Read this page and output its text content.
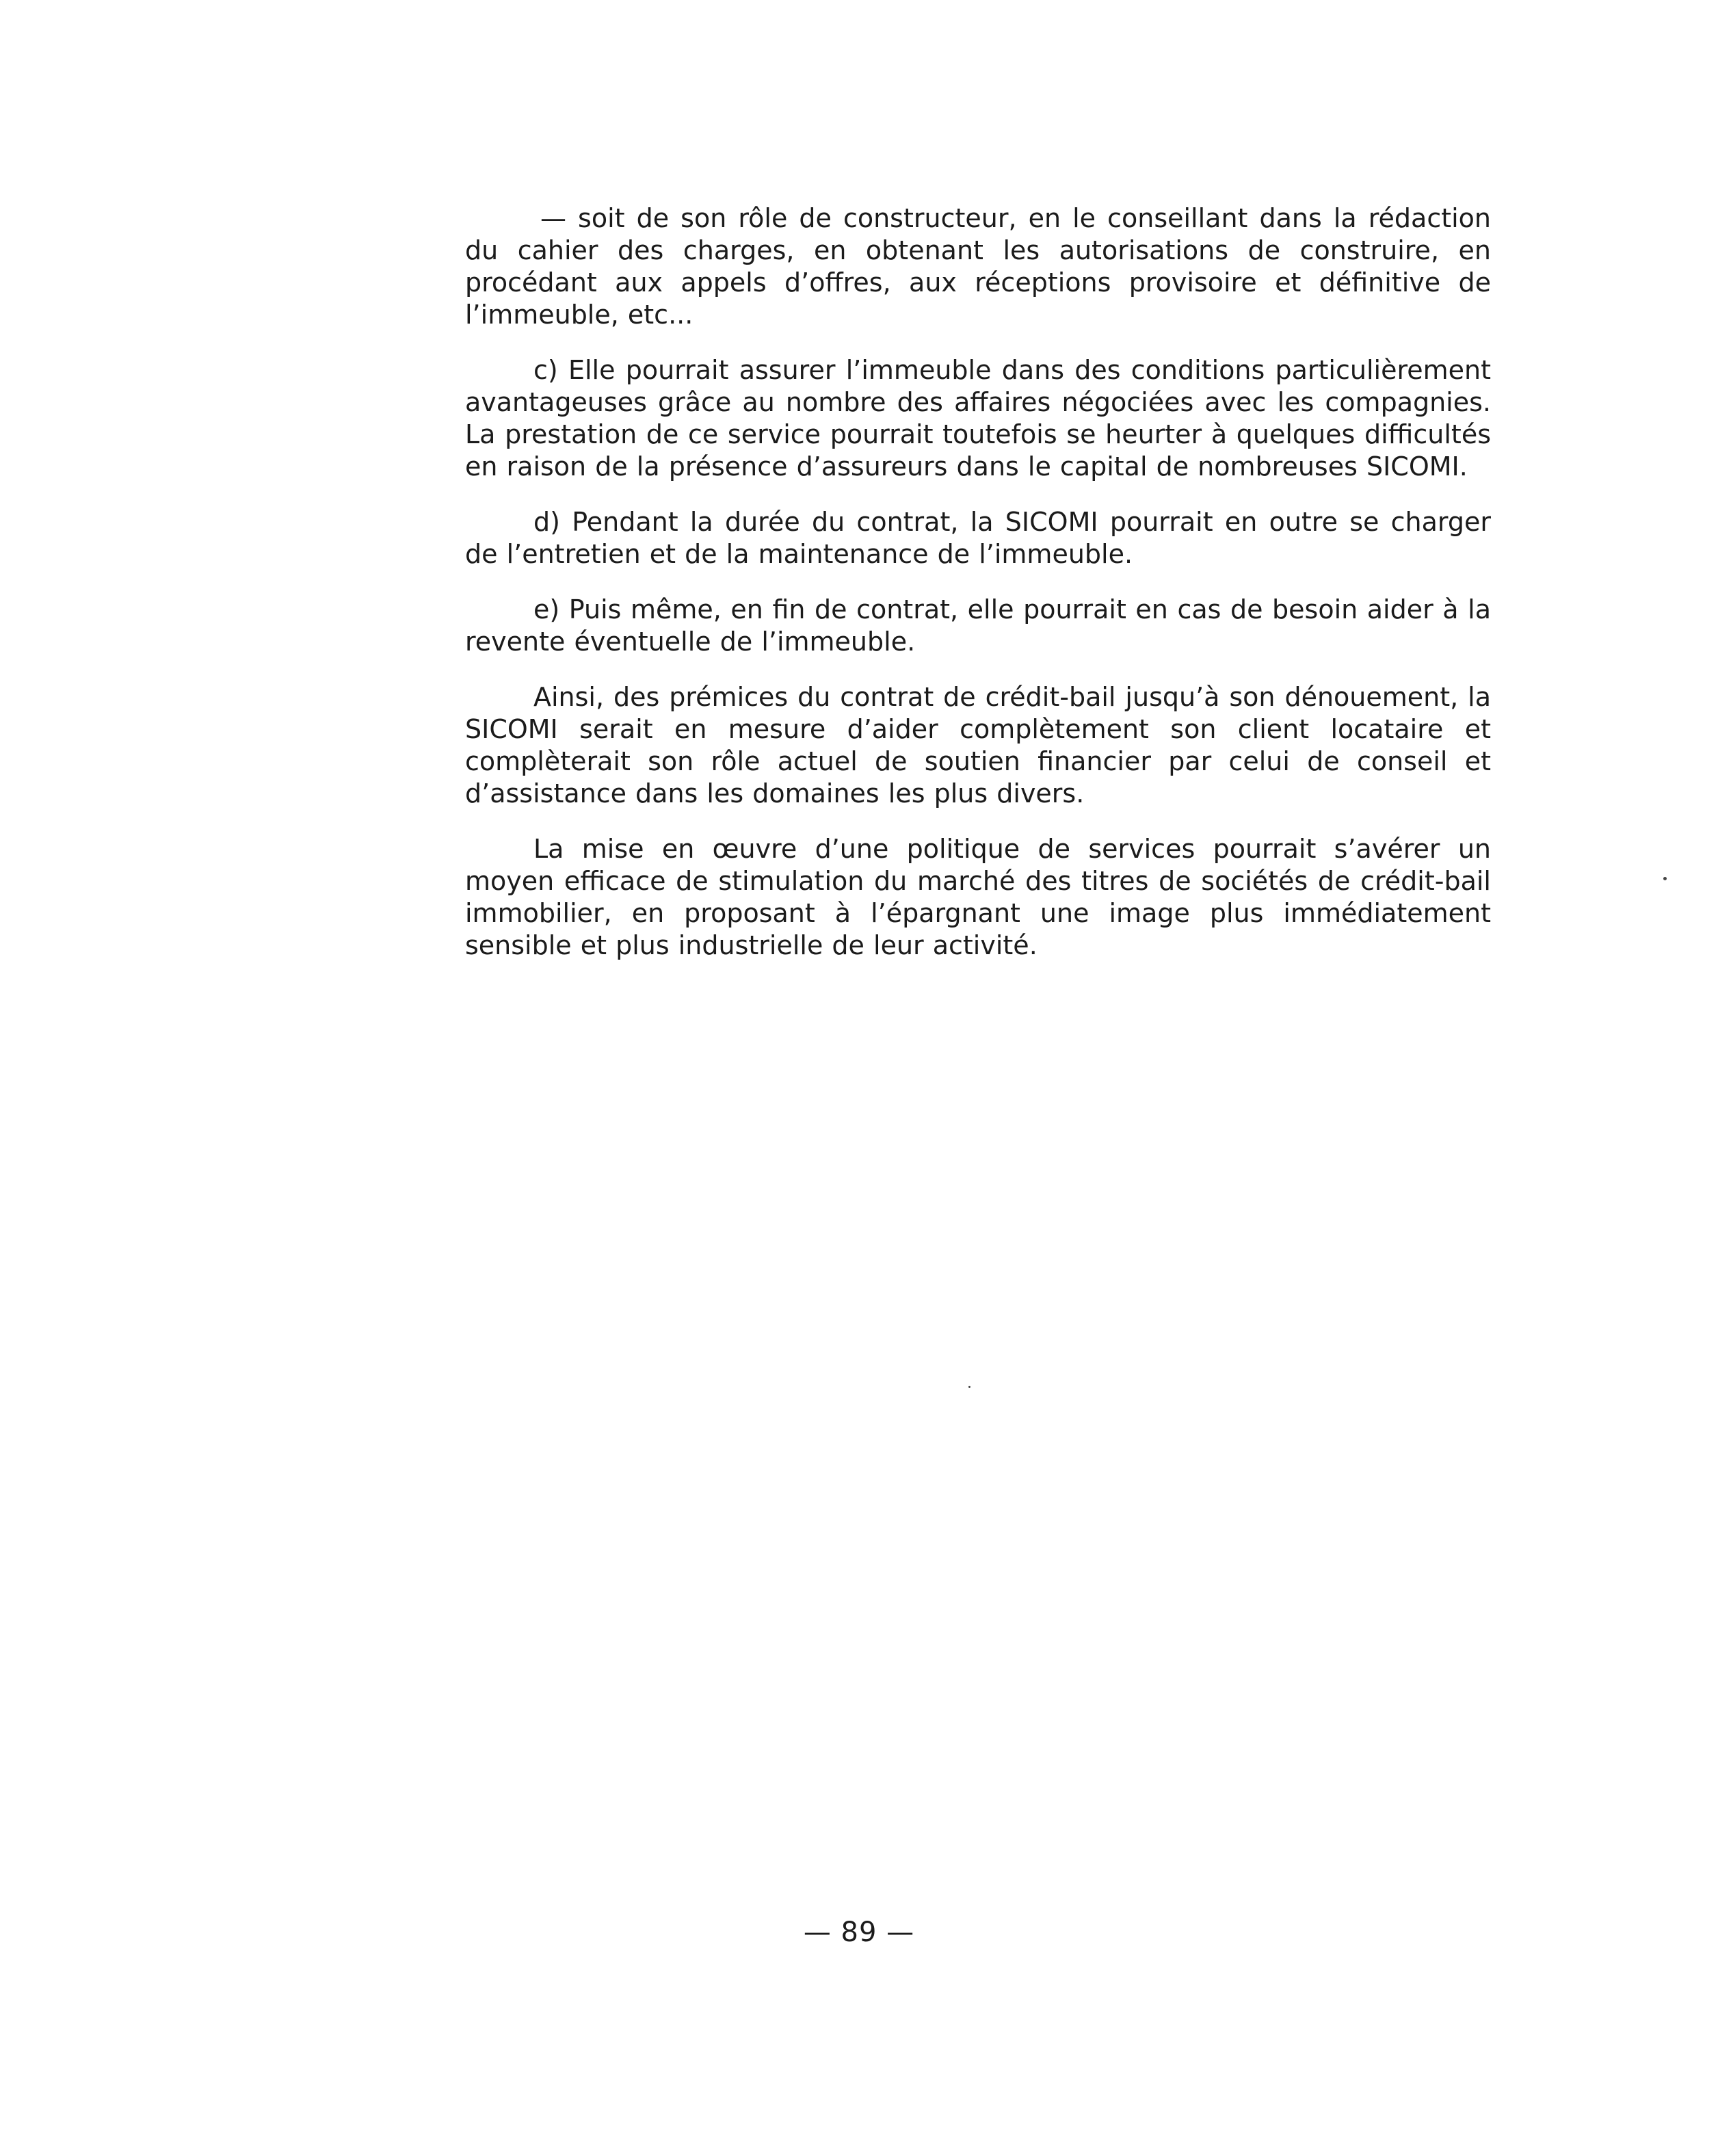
— soit de son rôle de constructeur, en le conseillant dans la rédaction du cahier des charges, en obtenant les autorisations de construire, en procédant aux appels d’offres, aux réceptions provisoire et définitive de l’immeuble, etc...

c) Elle pourrait assurer l’immeuble dans des conditions particulièrement avantageuses grâce au nombre des affaires négociées avec les compagnies. La prestation de ce service pourrait toutefois se heurter à quelques difficultés en raison de la présence d’assureurs dans le capital de nombreuses SICOMI.

d) Pendant la durée du contrat, la SICOMI pourrait en outre se charger de l’entretien et de la maintenance de l’immeuble.

e) Puis même, en fin de contrat, elle pourrait en cas de besoin aider à la revente éventuelle de l’immeuble.

Ainsi, des prémices du contrat de crédit-bail jusqu’à son dénouement, la SICOMI serait en mesure d’aider complètement son client locataire et complèterait son rôle actuel de soutien financier par celui de conseil et d’assistance dans les domaines les plus divers.

La mise en œuvre d’une politique de services pourrait s’avérer un moyen efficace de stimulation du marché des titres de sociétés de crédit-bail immobilier, en proposant à l’épargnant une image plus immédiatement sensible et plus industrielle de leur activité.

— 89 —
